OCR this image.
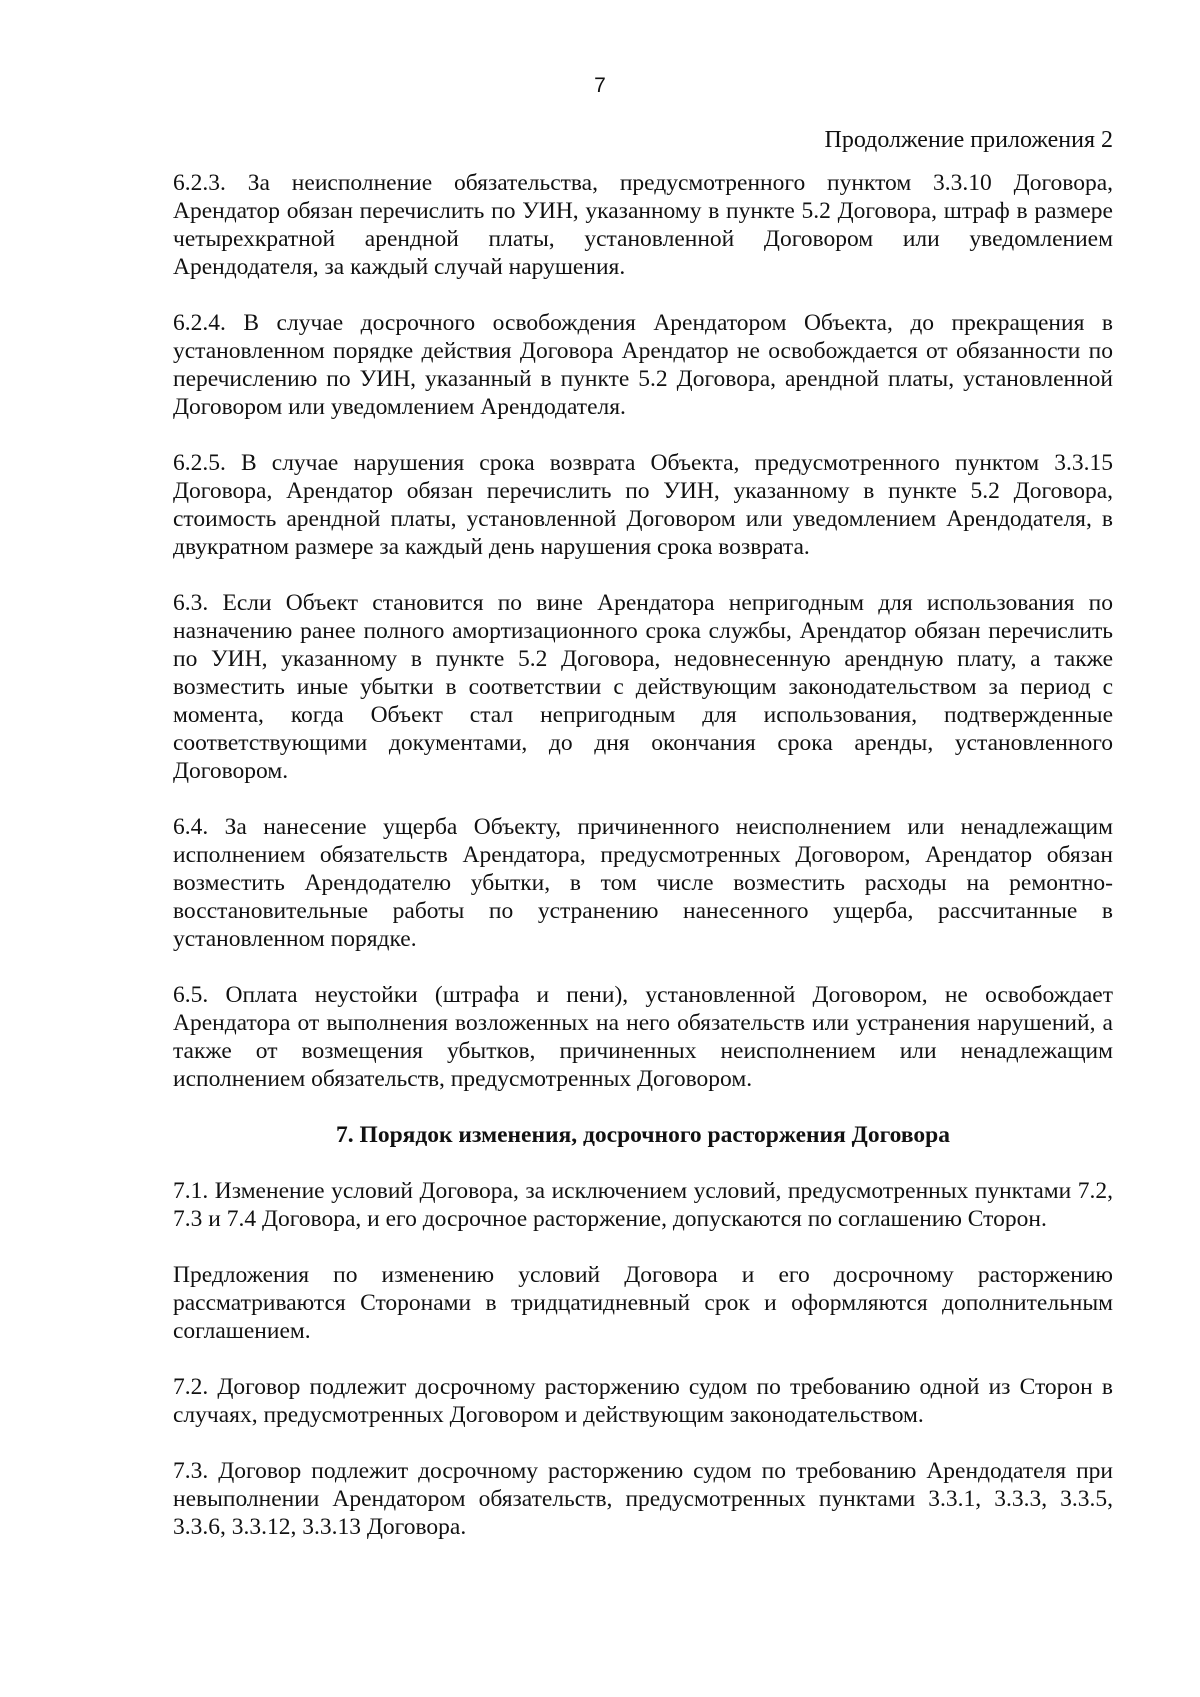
7
Продолжение приложения 2

6.2.3. За неисполнение обязательства, предусмотренного пунктом 3.3.10 Договора, Арендатор обязан перечислить по УИН, указанному в пункте 5.2 Договора, штраф в размере четырехкратной арендной платы, установленной Договором или уведомлением Арендодателя, за каждый случай нарушения.

6.2.4. В случае досрочного освобождения Арендатором Объекта, до прекращения в установленном порядке действия Договора Арендатор не освобождается от обязанности по перечислению по УИН, указанный в пункте 5.2 Договора, арендной платы, установленной Договором или уведомлением Арендодателя.

6.2.5. В случае нарушения срока возврата Объекта, предусмотренного пунктом 3.3.15 Договора, Арендатор обязан перечислить по УИН, указанному в пункте 5.2 Договора, стоимость арендной платы, установленной Договором или уведомлением Арендодателя, в двукратном размере за каждый день нарушения срока возврата.

6.3. Если Объект становится по вине Арендатора непригодным для использования по назначению ранее полного амортизационного срока службы, Арендатор обязан перечислить по УИН, указанному в пункте 5.2 Договора, недовнесенную арендную плату, а также возместить иные убытки в соответствии с действующим законодательством за период с момента, когда Объект стал непригодным для использования, подтвержденные соответствующими документами, до дня окончания срока аренды, установленного Договором.

6.4. За нанесение ущерба Объекту, причиненного неисполнением или ненадлежащим исполнением обязательств Арендатора, предусмотренных Договором, Арендатор обязан возместить Арендодателю убытки, в том числе возместить расходы на ремонтно-восстановительные работы по устранению нанесенного ущерба, рассчитанные в установленном порядке.

6.5. Оплата неустойки (штрафа и пени), установленной Договором, не освобождает Арендатора от выполнения возложенных на него обязательств или устранения нарушений, а также от возмещения убытков, причиненных неисполнением или ненадлежащим исполнением обязательств, предусмотренных Договором.

7. Порядок изменения, досрочного расторжения Договора

7.1. Изменение условий Договора, за исключением условий, предусмотренных пунктами 7.2, 7.3 и 7.4 Договора, и его досрочное расторжение, допускаются по соглашению Сторон.

Предложения по изменению условий Договора и его досрочному расторжению рассматриваются Сторонами в тридцатидневный срок и оформляются дополнительным соглашением.

7.2. Договор подлежит досрочному расторжению судом по требованию одной из Сторон в случаях, предусмотренных Договором и действующим законодательством.

7.3. Договор подлежит досрочному расторжению судом по требованию Арендодателя при невыполнении Арендатором обязательств, предусмотренных пунктами 3.3.1, 3.3.3, 3.3.5, 3.3.6, 3.3.12, 3.3.13 Договора.
